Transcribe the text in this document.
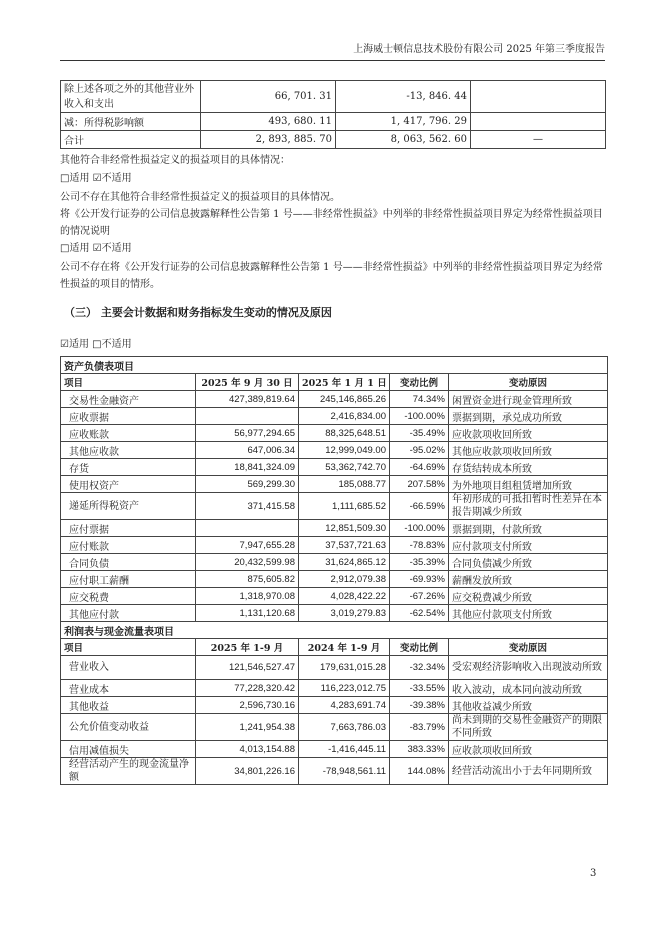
上海威士顿信息技术股份有限公司 2025 年第三季度报告
除上述各项之外的其他营业外收入和支出	66, 701. 31	-13, 846. 44	
减：所得税影响额	493, 680. 11	1, 417, 796. 29	
合计	2, 893, 885. 70	8, 063, 562. 60	—
其他符合非经常性损益定义的损益项目的具体情况：
□适用 ☑不适用
公司不存在其他符合非经常性损益定义的损益项目的具体情况。
将《公开发行证券的公司信息披露解释性公告第 1 号——非经常性损益》中列举的非经常性损益项目界定为经常性损益项目的情况说明
□适用 ☑不适用
公司不存在将《公开发行证券的公司信息披露解释性公告第 1 号——非经常性损益》中列举的非经常性损益项目界定为经常性损益的项目的情形。
（三） 主要会计数据和财务指标发生变动的情况及原因
☑适用 □不适用
资产负债表项目				
项目	2025 年 9 月 30 日	2025 年 1 月 1 日	变动比例	变动原因
交易性金融资产	427,389,819.64	245,146,865.26	74.34%	闲置资金进行现金管理所致
应收票据		2,416,834.00	-100.00%	票据到期，承兑成功所致
应收账款	56,977,294.65	88,325,648.51	-35.49%	应收款项收回所致
其他应收款	647,006.34	12,999,049.00	-95.02%	其他应收款项收回所致
存货	18,841,324.09	53,362,742.70	-64.69%	存货结转成本所致
使用权资产	569,299.30	185,088.77	207.58%	为外地项目组租赁增加所致
递延所得税资产	371,415.58	1,111,685.52	-66.59%	年初形成的可抵扣暂时性差异在本报告期减少所致
应付票据		12,851,509.30	-100.00%	票据到期，付款所致
应付账款	7,947,655.28	37,537,721.63	-78.83%	应付款项支付所致
合同负债	20,432,599.98	31,624,865.12	-35.39%	合同负债减少所致
应付职工薪酬	875,605.82	2,912,079.38	-69.93%	薪酬发放所致
应交税费	1,318,970.08	4,028,422.22	-67.26%	应交税费减少所致
其他应付款	1,131,120.68	3,019,279.83	-62.54%	其他应付款项支付所致
利润表与现金流量表项目				
项目	2025 年 1-9 月	2024 年 1-9 月	变动比例	变动原因
营业收入	121,546,527.47	179,631,015.28	-32.34%	受宏观经济影响收入出现波动所致
营业成本	77,228,320.42	116,223,012.75	-33.55%	收入波动，成本同向波动所致
其他收益	2,596,730.16	4,283,691.74	-39.38%	其他收益减少所致
公允价值变动收益	1,241,954.38	7,663,786.03	-83.79%	尚未到期的交易性金融资产的期限不同所致
信用减值损失	4,013,154.88	-1,416,445.11	383.33%	应收款项收回所致
经营活动产生的现金流量净额	34,801,226.16	-78,948,561.11	144.08%	经营活动流出小于去年同期所致
3
